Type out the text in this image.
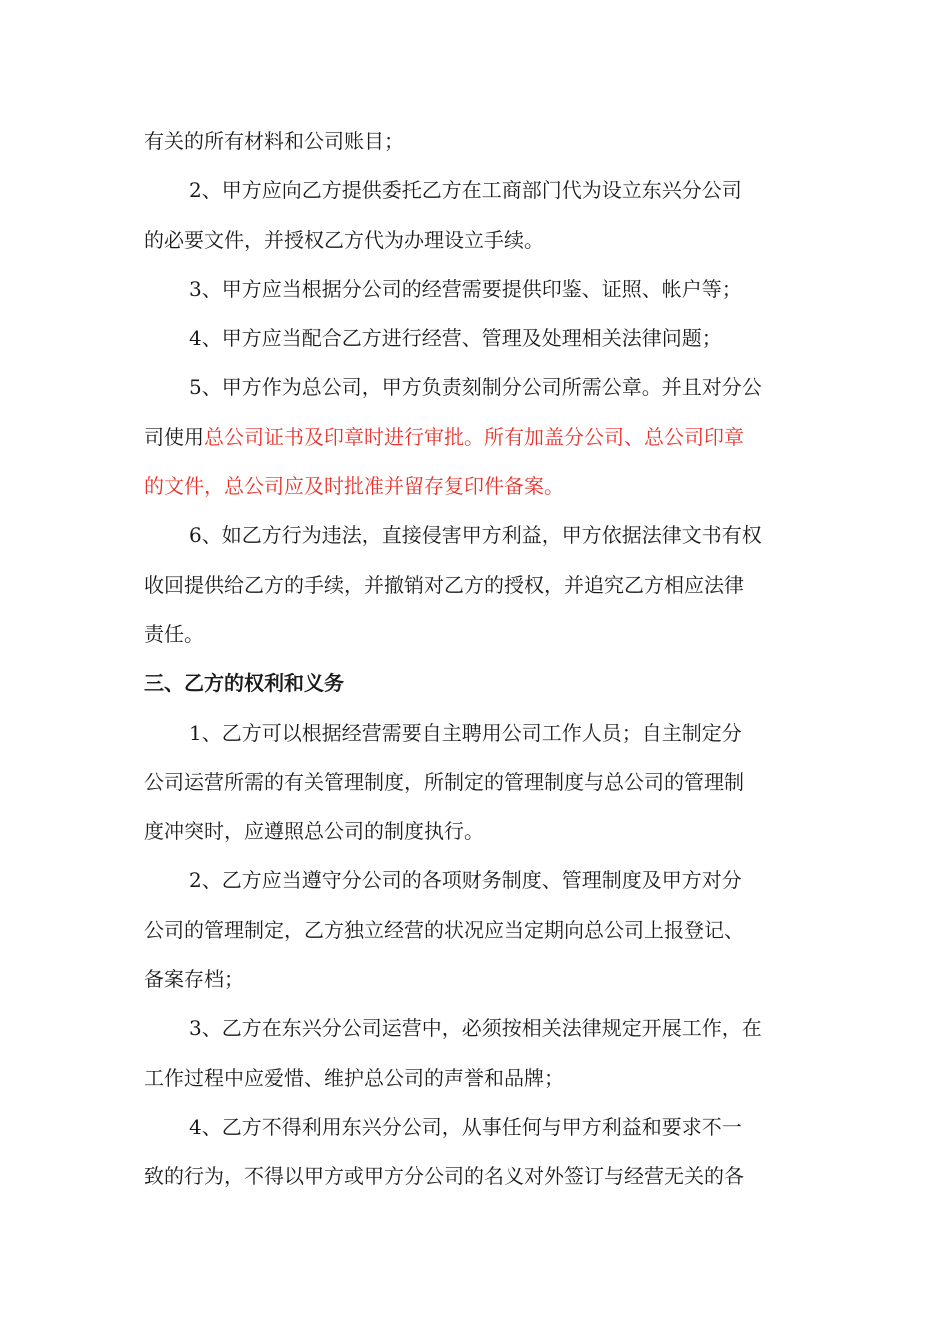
有关的所有材料和公司账目；
2、甲方应向乙方提供委托乙方在工商部门代为设立东兴分公司
的必要文件，并授权乙方代为办理设立手续。
3、甲方应当根据分公司的经营需要提供印鉴、证照、帐户等；
4、甲方应当配合乙方进行经营、管理及处理相关法律问题；
5、甲方作为总公司，甲方负责刻制分公司所需公章。并且对分公
司使用总公司证书及印章时进行审批。所有加盖分公司、总公司印章
的文件，总公司应及时批准并留存复印件备案。
6、如乙方行为违法，直接侵害甲方利益，甲方依据法律文书有权
收回提供给乙方的手续，并撤销对乙方的授权，并追究乙方相应法律
责任。
三、乙方的权利和义务
1、乙方可以根据经营需要自主聘用公司工作人员；自主制定分
公司运营所需的有关管理制度，所制定的管理制度与总公司的管理制
度冲突时，应遵照总公司的制度执行。
2、乙方应当遵守分公司的各项财务制度、管理制度及甲方对分
公司的管理制定，乙方独立经营的状况应当定期向总公司上报登记、
备案存档；
3、乙方在东兴分公司运营中，必须按相关法律规定开展工作，在
工作过程中应爱惜、维护总公司的声誉和品牌；
4、乙方不得利用东兴分公司，从事任何与甲方利益和要求不一
致的行为，不得以甲方或甲方分公司的名义对外签订与经营无关的各
